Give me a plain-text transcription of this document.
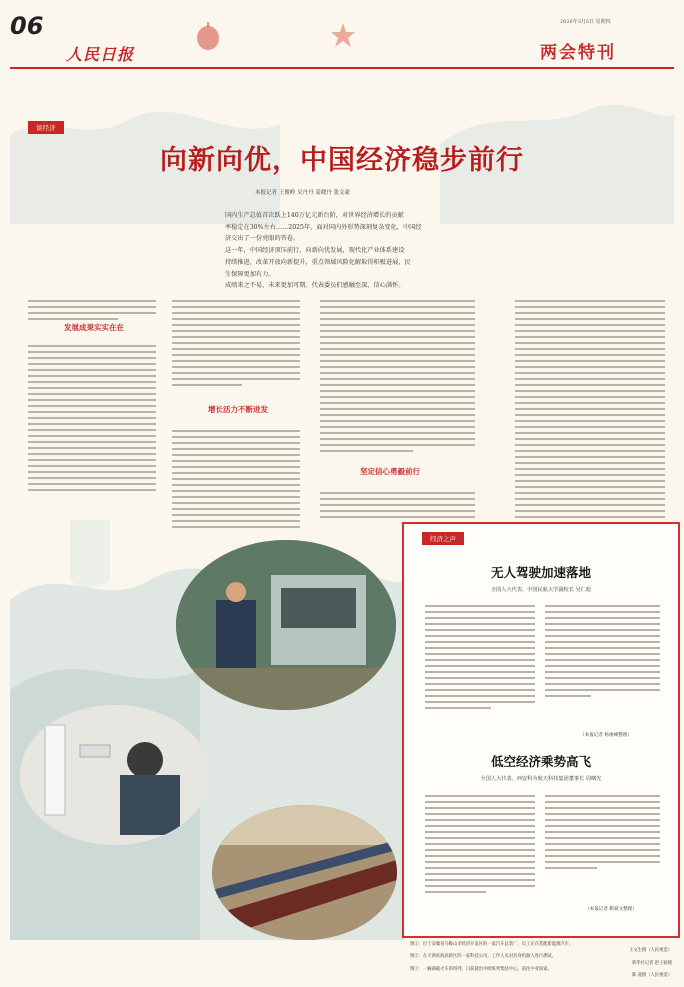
06
人民日报
2026年3月5日 星期四
两会特刊
谈经济
向新向优，中国经济稳步前行
本报记者 王俊岭 吴丹丹 姜晓丹 张文豪
国内生产总值首次跃上140万亿元新台阶，对世界经济增长的贡献
率稳定在30%左右……2025年，面对国内外形势深刻复杂变化，中国经
济交出了一份亮眼的答卷。
这一年，中国经济顶压前行、向新向优发展，现代化产业体系建设
持续推进，改革开放向新提升，重点领域风险化解取得积极进展，民
生保障更加有力。
成绩来之不易，未来更加可期。代表委员们感触至深、信心满怀。
发展成果实实在在
增长活力不断迸发
坚定信心勇毅前行
经济之声
无人驾驶加速落地
全国人大代表、中国民航大学副校长 吴仁彪
（本报记者 杨俊峰整理）
低空经济乘势高飞
全国人大代表、西安科为航天科技集团董事长 周曙光
（本报记者 靳斌文整理）
图①：位于安徽省马鞍山市经济开发区的一家汽车总装厂，员工正在装配新能源汽车。
王文生摄（人民视觉）
图②：在天津滨海高新区的一家科技公司，工作人员对具身机器人进行测试。
新华社记者 赵子硕摄
图③：一辆满载火车的班列，日前驶出中欧班列集结中心，前往中亚国家。
陈 凌摄（人民视觉）
